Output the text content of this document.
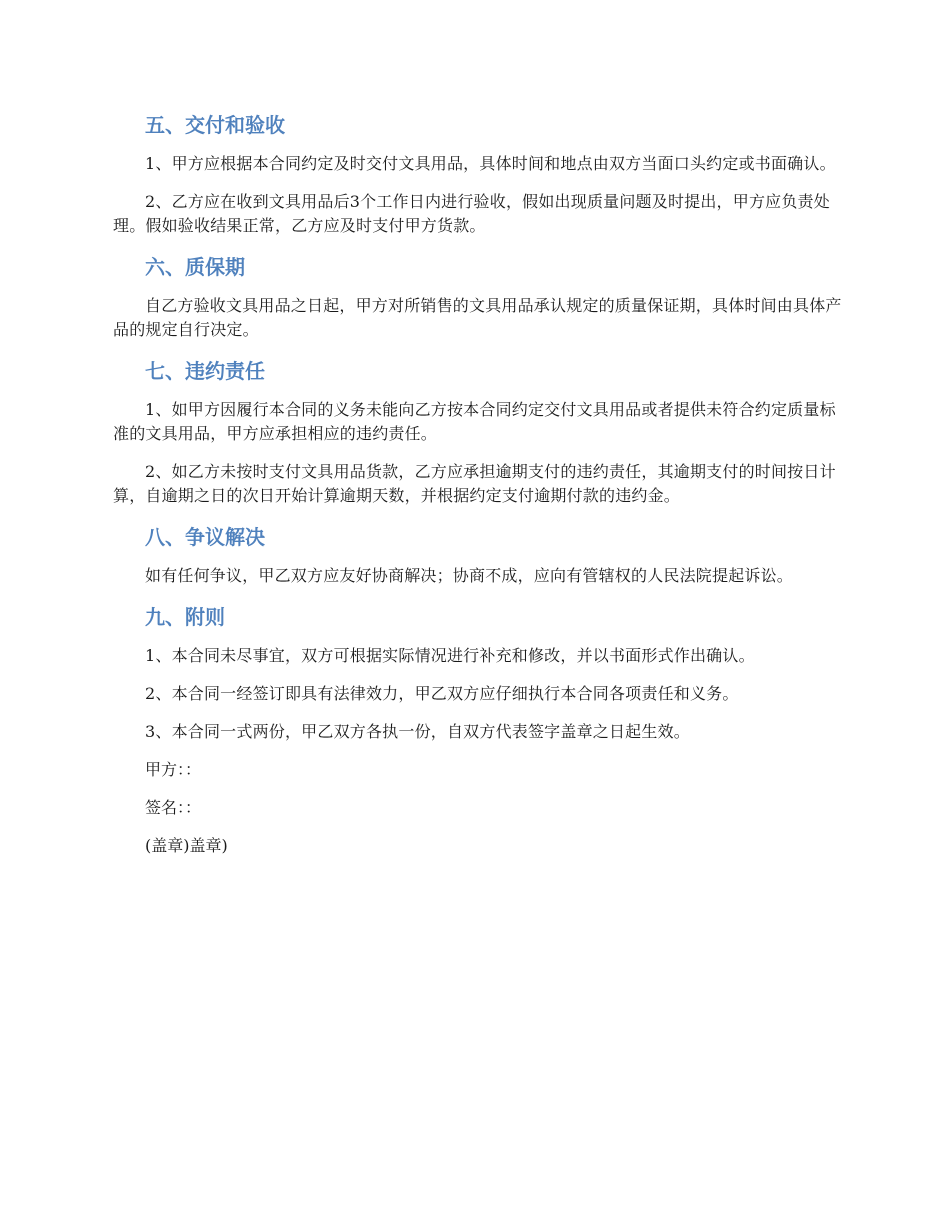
五、交付和验收

1、甲方应根据本合同约定及时交付文具用品，具体时间和地点由双方当面口头约定或书面确认。

2、乙方应在收到文具用品后3个工作日内进行验收，假如出现质量问题及时提出，甲方应负责处理。假如验收结果正常，乙方应及时支付甲方货款。

六、质保期

自乙方验收文具用品之日起，甲方对所销售的文具用品承认规定的质量保证期，具体时间由具体产品的规定自行决定。

七、违约责任

1、如甲方因履行本合同的义务未能向乙方按本合同约定交付文具用品或者提供未符合约定质量标准的文具用品，甲方应承担相应的违约责任。

2、如乙方未按时支付文具用品货款，乙方应承担逾期支付的违约责任，其逾期支付的时间按日计算，自逾期之日的次日开始计算逾期天数，并根据约定支付逾期付款的违约金。

八、争议解决

如有任何争议，甲乙双方应友好协商解决；协商不成，应向有管辖权的人民法院提起诉讼。

九、附则

1、本合同未尽事宜，双方可根据实际情况进行补充和修改，并以书面形式作出确认。

2、本合同一经签订即具有法律效力，甲乙双方应仔细执行本合同各项责任和义务。

3、本合同一式两份，甲乙双方各执一份，自双方代表签字盖章之日起生效。

甲方：：

签名：：

(盖章)盖章)
